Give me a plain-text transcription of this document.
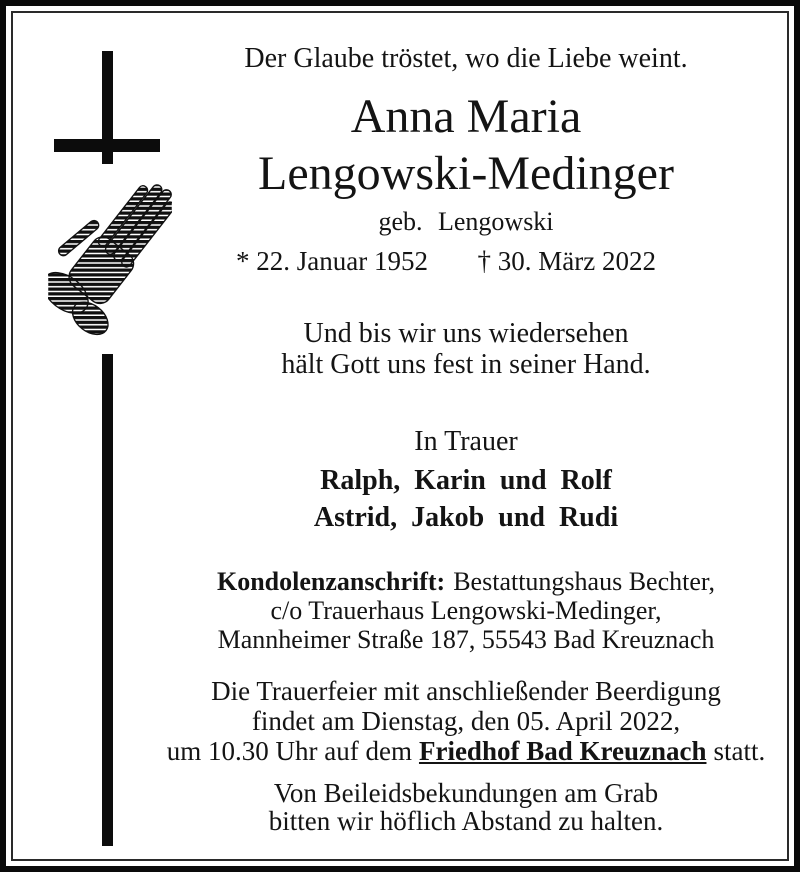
Der Glaube tröstet, wo die Liebe weint.
Anna Maria
Lengowski-Medinger
geb. Lengowski
* 22. Januar 1952 † 30. März 2022
Und bis wir uns wiedersehen
hält Gott uns fest in seiner Hand.
In Trauer
Ralph, Karin und Rolf
Astrid, Jakob und Rudi
Kondolenzanschrift: Bestattungshaus Bechter,
c/o Trauerhaus Lengowski-Medinger,
Mannheimer Straße 187, 55543 Bad Kreuznach
Die Trauerfeier mit anschließender Beerdigung
findet am Dienstag, den 05. April 2022,
um 10.30 Uhr auf dem Friedhof Bad Kreuznach statt.
Von Beileidsbekundungen am Grab
bitten wir höflich Abstand zu halten.
